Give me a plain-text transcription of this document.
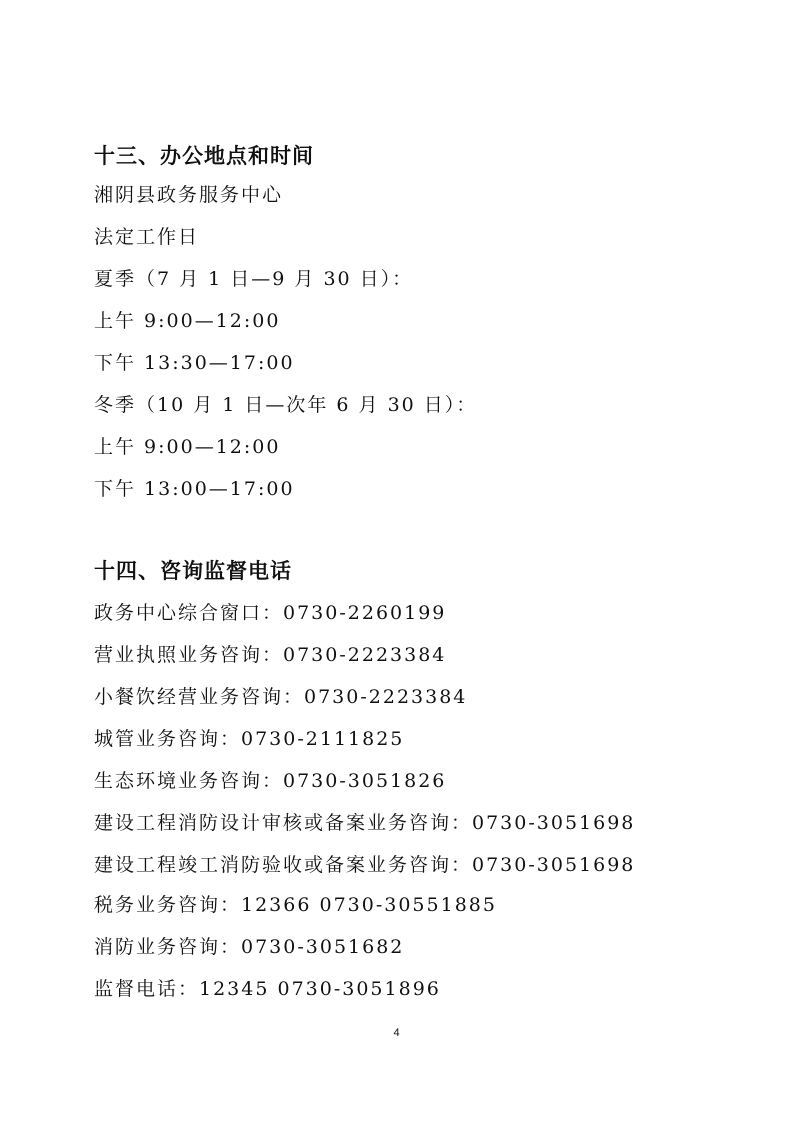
十三、办公地点和时间
湘阴县政务服务中心
法定工作日
夏季（7 月 1 日—9 月 30 日）：
上午 9:00—12:00
下午 13:30—17:00
冬季（10 月 1 日—次年 6 月 30 日）：
上午 9:00—12:00
下午 13:00—17:00
十四、咨询监督电话
政务中心综合窗口：0730-2260199
营业执照业务咨询：0730-2223384
小餐饮经营业务咨询：0730-2223384
城管业务咨询：0730-2111825
生态环境业务咨询：0730-3051826
建设工程消防设计审核或备案业务咨询：0730-3051698
建设工程竣工消防验收或备案业务咨询：0730-3051698
税务业务咨询：12366 0730-30551885
消防业务咨询：0730-3051682
监督电话：12345 0730-3051896
4
